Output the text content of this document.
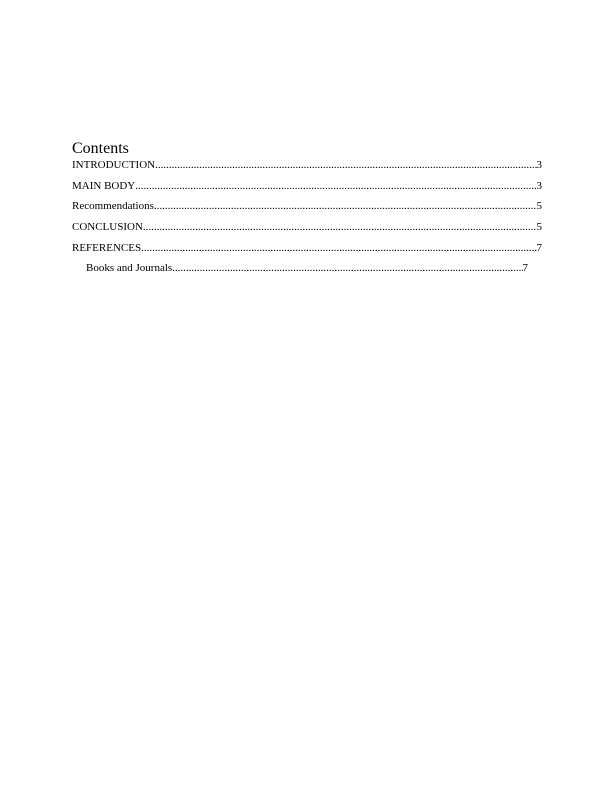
Contents
INTRODUCTION .....	3
MAIN BODY .....	3
Recommendations .....	5
CONCLUSION .....	5
REFERENCES .....	7
Books and Journals .....	7
